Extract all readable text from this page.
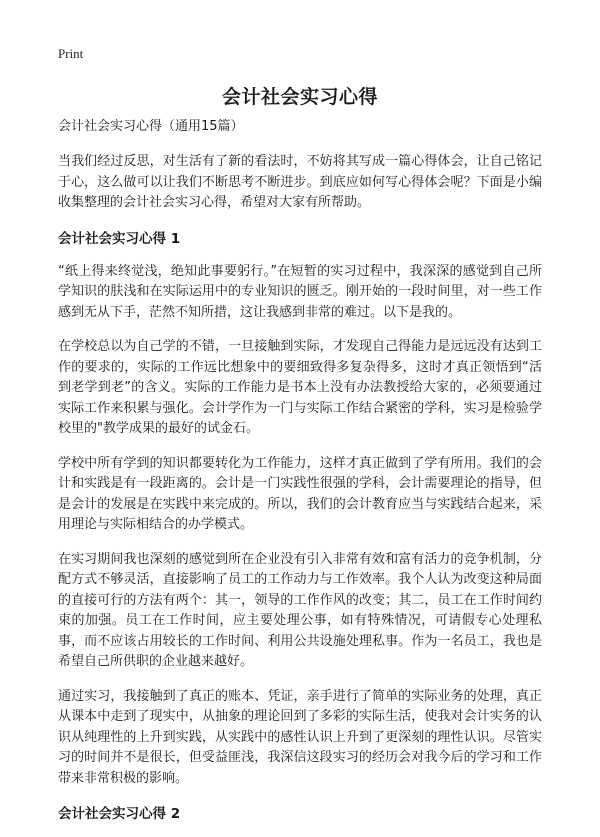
Print
会计社会实习心得
会计社会实习心得（通用15篇）

当我们经过反思，对生活有了新的看法时，不妨将其写成一篇心得体会，让自己铭记于心，这么做可以让我们不断思考不断进步。到底应如何写心得体会呢？下面是小编收集整理的会计社会实习心得，希望对大家有所帮助。

会计社会实习心得 1

“纸上得来终觉浅，绝知此事要躬行。”在短暂的实习过程中，我深深的感觉到自己所学知识的肤浅和在实际运用中的专业知识的匮乏。刚开始的一段时间里，对一些工作感到无从下手，茫然不知所措，这让我感到非常的难过。以下是我的。

在学校总以为自己学的不错，一旦接触到实际，才发现自己得能力是远远没有达到工作的要求的，实际的工作远比想象中的要细致得多复杂得多，这时才真正领悟到“活到老学到老”的含义。实际的工作能力是书本上没有办法教授给大家的，必须要通过实际工作来积累与强化。会计学作为一门与实际工作结合紧密的学科，实习是检验学校里的"教学成果的最好的试金石。

学校中所有学到的知识都要转化为工作能力，这样才真正做到了学有所用。我们的会计和实践是有一段距离的。会计是一门实践性很强的学科，会计需要理论的指导，但是会计的发展是在实践中来完成的。所以，我们的会计教育应当与实践结合起来，采用理论与实际相结合的办学模式。

在实习期间我也深刻的感觉到所在企业没有引入非常有效和富有活力的竞争机制，分配方式不够灵活，直接影响了员工的工作动力与工作效率。我个人认为改变这种局面的直接可行的方法有两个：其一，领导的工作作风的改变；其二，员工在工作时间约束的加强。员工在工作时间，应主要处理公事，如有特殊情况，可请假专心处理私事，而不应该占用较长的工作时间、利用公共设施处理私事。作为一名员工，我也是希望自己所供职的企业越来越好。

通过实习，我接触到了真正的账本、凭证，亲手进行了简单的实际业务的处理，真正从课本中走到了现实中，从抽象的理论回到了多彩的实际生活，使我对会计实务的认识从纯理性的上升到实践，从实践中的感性认识上升到了更深刻的理性认识。尽管实习的时间并不是很长，但受益匪浅，我深信这段实习的经历会对我今后的学习和工作带来非常积极的影响。

会计社会实习心得 2
